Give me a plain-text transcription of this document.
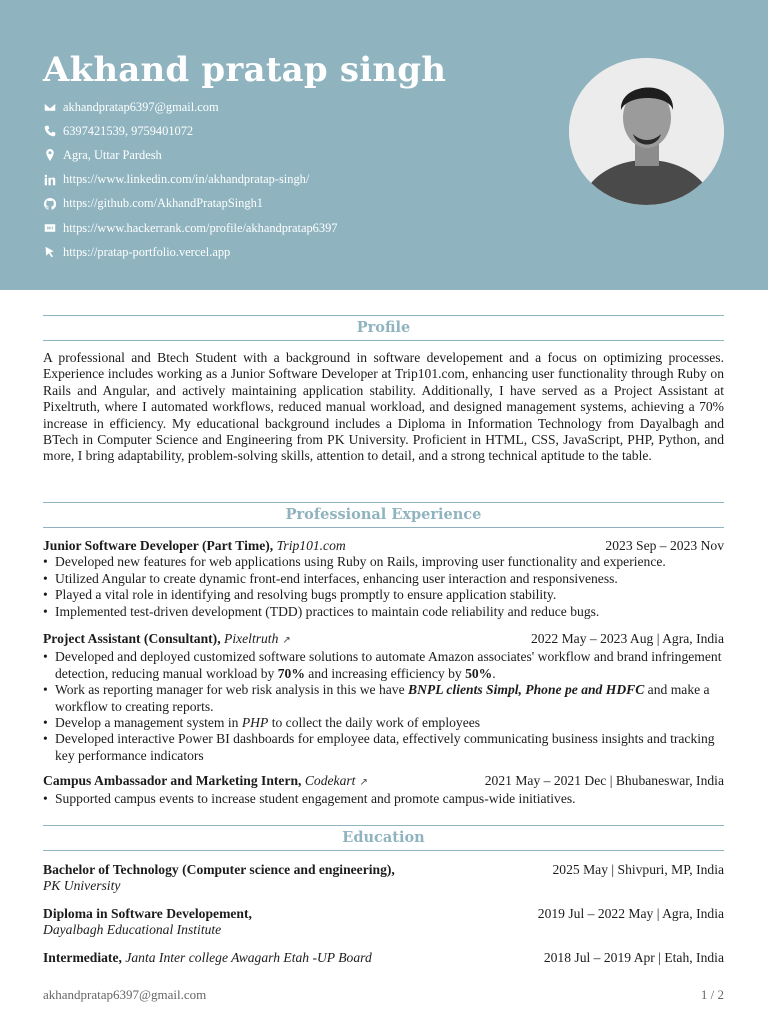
Akhand pratap singh
akhandpratap6397@gmail.com
6397421539, 9759401072
Agra, Uttar Pardesh
https://www.linkedin.com/in/akhandpratap-singh/
https://github.com/AkhandPratapSingh1
https://www.hackerrank.com/profile/akhandpratap6397
https://pratap-portfolio.vercel.app
Profile
A professional and Btech Student with a background in software developement and a focus on optimizing processes. Experience includes working as a Junior Software Developer at Trip101.com, enhancing user functionality through Ruby on Rails and Angular, and actively maintaining application stability. Additionally, I have served as a Project Assistant at Pixeltruth, where I automated workflows, reduced manual workload, and designed management systems, achieving a 70% increase in efficiency. My educational background includes a Diploma in Information Technology from Dayalbagh and BTech in Computer Science and Engineering from PK University. Proficient in HTML, CSS, JavaScript, PHP, Python, and more, I bring adaptability, problem-solving skills, attention to detail, and a strong technical aptitude to the table.
Professional Experience
Junior Software Developer (Part Time), Trip101.com	2023 Sep – 2023 Nov
• Developed new features for web applications using Ruby on Rails, improving user functionality and experience.
• Utilized Angular to create dynamic front-end interfaces, enhancing user interaction and responsiveness.
• Played a vital role in identifying and resolving bugs promptly to ensure application stability.
• Implemented test-driven development (TDD) practices to maintain code reliability and reduce bugs.
Project Assistant (Consultant), Pixeltruth ↗	2022 May – 2023 Aug | Agra, India
• Developed and deployed customized software solutions to automate Amazon associates' workflow and brand infringement detection, reducing manual workload by 70% and increasing efficiency by 50%.
• Work as reporting manager for web risk analysis in this we have BNPL clients Simpl, Phone pe and HDFC and make a workflow to creating reports.
• Develop a management system in PHP to collect the daily work of employees
• Developed interactive Power BI dashboards for employee data, effectively communicating business insights and tracking key performance indicators
Campus Ambassador and Marketing Intern, Codekart ↗	2021 May – 2021 Dec | Bhubaneswar, India
• Supported campus events to increase student engagement and promote campus-wide initiatives.
Education
Bachelor of Technology (Computer science and engineering),	2025 May | Shivpuri, MP, India
PK University
Diploma in Software Developement,	2019 Jul – 2022 May | Agra, India
Dayalbagh Educational Institute
Intermediate, Janta Inter college Awagarh Etah -UP Board	2018 Jul – 2019 Apr | Etah, India
akhandpratap6397@gmail.com	1 / 2
